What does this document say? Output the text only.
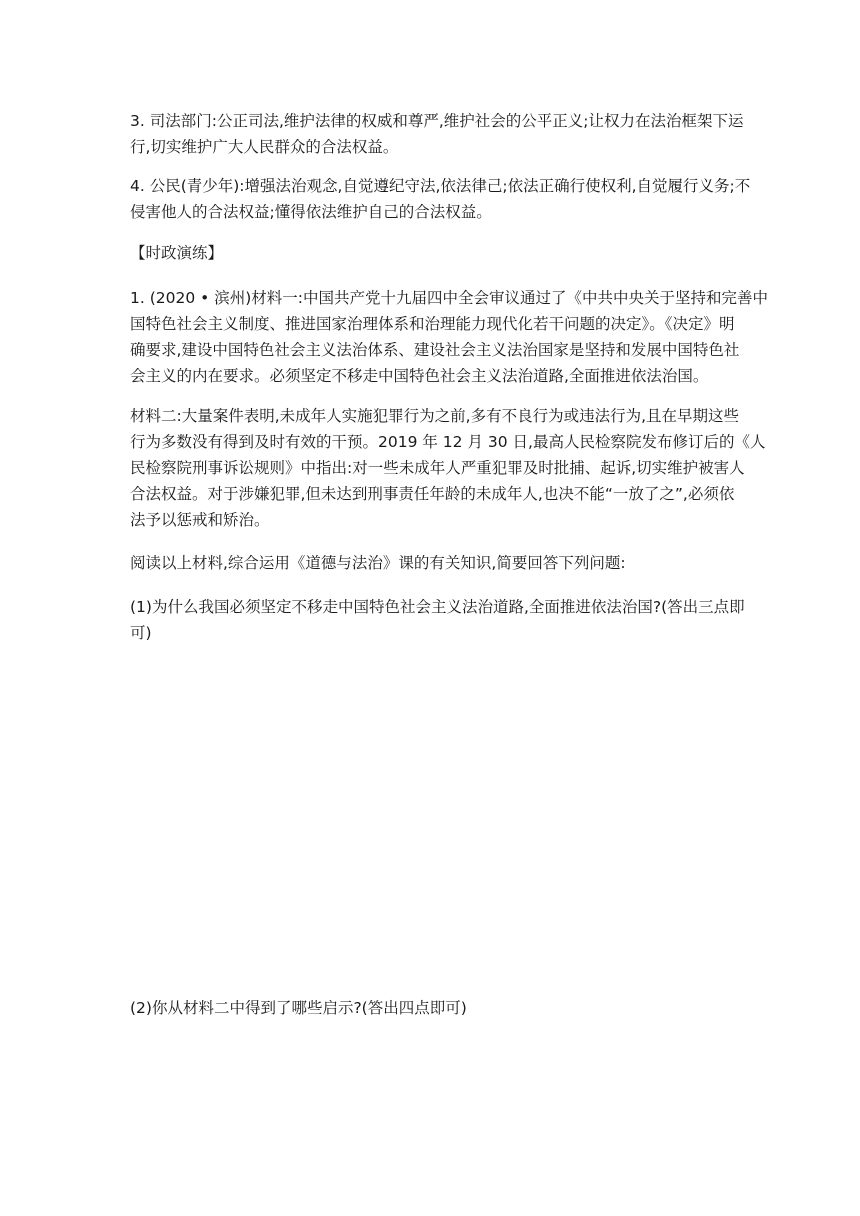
3. 司法部门:公正司法,维护法律的权威和尊严,维护社会的公平正义;让权力在法治框架下运
行,切实维护广大人民群众的合法权益。
4. 公民(青少年):增强法治观念,自觉遵纪守法,依法律己;依法正确行使权利,自觉履行义务;不
侵害他人的合法权益;懂得依法维护自己的合法权益。
【时政演练】
1. (2020 • 滨州)材料一:中国共产党十九届四中全会审议通过了《中共中央关于坚持和完善中
国特色社会主义制度、推进国家治理体系和治理能力现代化若干问题的决定》。《决定》明
确要求,建设中国特色社会主义法治体系、建设社会主义法治国家是坚持和发展中国特色社
会主义的内在要求。必须坚定不移走中国特色社会主义法治道路,全面推进依法治国。
材料二:大量案件表明,未成年人实施犯罪行为之前,多有不良行为或违法行为,且在早期这些
行为多数没有得到及时有效的干预。2019 年 12 月 30 日,最高人民检察院发布修订后的《人
民检察院刑事诉讼规则》中指出:对一些未成年人严重犯罪及时批捕、起诉,切实维护被害人
合法权益。对于涉嫌犯罪,但未达到刑事责任年龄的未成年人,也决不能“一放了之”,必须依
法予以惩戒和矫治。
阅读以上材料,综合运用《道德与法治》课的有关知识,简要回答下列问题:
(1)为什么我国必须坚定不移走中国特色社会主义法治道路,全面推进依法治国?(答出三点即
可)
(2)你从材料二中得到了哪些启示?(答出四点即可)
